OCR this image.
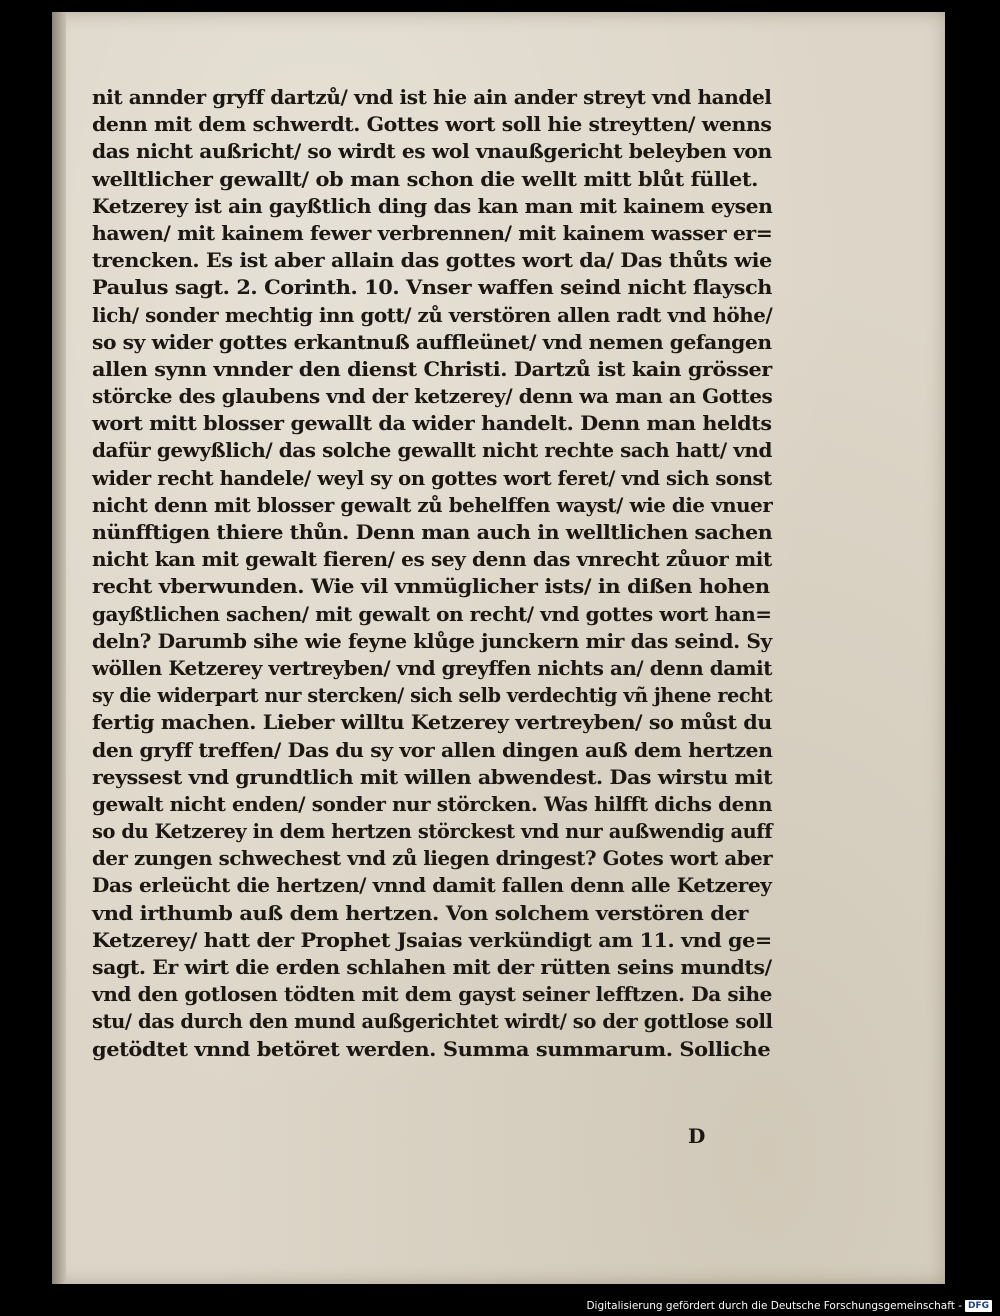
nit annder gryff dartzů/ vnd ist hie ain ander streyt vnd handel
denn mit dem schwerdt. Gottes wort soll hie streytten/ wenns
das nicht außricht/ so wirdt es wol vnaußgericht beleyben von
welltlicher gewallt/ ob man schon die wellt mitt blůt füllet.
Ketzerey ist ain gayßtlich ding das kan man mit kainem eysen
hawen/ mit kainem fewer verbrennen/ mit kainem wasser er=
trencken. Es ist aber allain das gottes wort da/ Das thůts wie
Paulus sagt. 2. Corinth. 10. Vnser waffen seind nicht flaysch
lich/ sonder mechtig inn gott/ zů verstören allen radt vnd höhe/
so sy wider gottes erkantnuß auffleünet/ vnd nemen gefangen
allen synn vnnder den dienst Christi. Dartzů ist kain grösser
störcke des glaubens vnd der ketzerey/ denn wa man an Gottes
wort mitt blosser gewallt da wider handelt. Denn man heldts
dafür gewyßlich/ das solche gewallt nicht rechte sach hatt/ vnd
wider recht handele/ weyl sy on gottes wort feret/ vnd sich sonst
nicht denn mit blosser gewalt zů behelffen wayst/ wie die vnuer
nünfftigen thiere thůn. Denn man auch in welltlichen sachen
nicht kan mit gewalt fieren/ es sey denn das vnrecht zůuor mit
recht vberwunden. Wie vil vnmüglicher ists/ in dißen hohen
gayßtlichen sachen/ mit gewalt on recht/ vnd gottes wort han=
deln? Darumb sihe wie feyne klůge junckern mir das seind. Sy
wöllen Ketzerey vertreyben/ vnd greyffen nichts an/ denn damit
sy die widerpart nur stercken/ sich selb verdechtig vñ jhene recht
fertig machen. Lieber willtu Ketzerey vertreyben/ so můst du
den gryff treffen/ Das du sy vor allen dingen auß dem hertzen
reyssest vnd grundtlich mit willen abwendest. Das wirstu mit
gewalt nicht enden/ sonder nur störcken. Was hilfft dichs denn
so du Ketzerey in dem hertzen störckest vnd nur außwendig auff
der zungen schwechest vnd zů liegen dringest? Gotes wort aber
Das erleücht die hertzen/ vnnd damit fallen denn alle Ketzerey
vnd irthumb auß dem hertzen. Von solchem verstören der
Ketzerey/ hatt der Prophet Jsaias verkündigt am 11. vnd ge=
sagt. Er wirt die erden schlahen mit der rütten seins mundts/
vnd den gotlosen tödten mit dem gayst seiner lefftzen. Da sihe
stu/ das durch den mund außgerichtet wirdt/ so der gottlose soll
getödtet vnnd betöret werden. Summa summarum. Solliche
D
Digitalisierung gefördert durch die Deutsche Forschungsgemeinschaft - DFG
